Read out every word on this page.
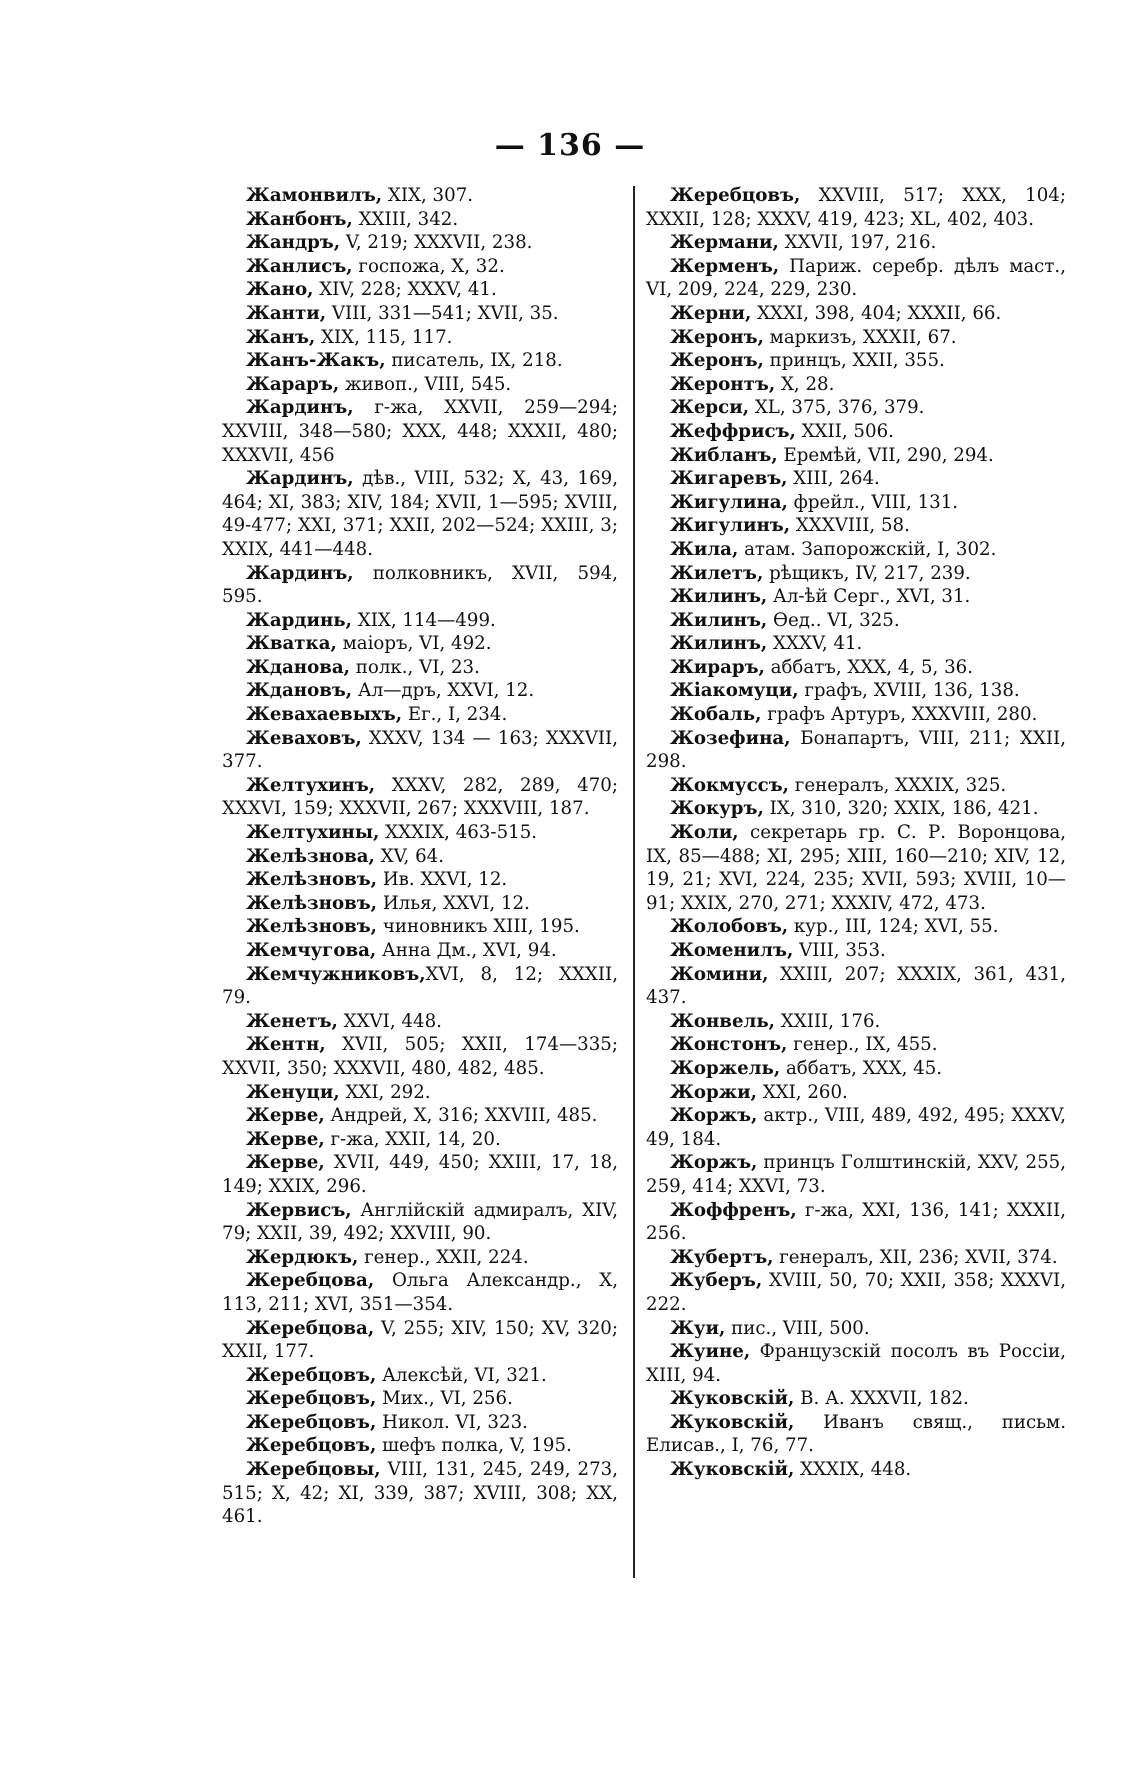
— 136 —

Жамонвилъ, XIX, 307.

Жанбонъ, XXIII, 342.

Жандръ, V, 219; XXXVII, 238.

Жанлисъ, госпожа, X, 32.

Жано, XIV, 228; XXXV, 41.

Жанти, VIII, 331—541; XVII, 35.

Жанъ, XIX, 115, 117.

Жанъ-Жакъ, писатель, IX, 218.

Жараръ, живоп., VIII, 545.

Жардинъ, г-жа, XXVII, 259—294; XXVIII, 348—580; XXX, 448; XXXII, 480; XXXVII, 456

Жардинъ, дѣв., VIII, 532; X, 43, 169, 464; XI, 383; XIV, 184; XVII, 1—595; XVIII, 49-477; XXI, 371; XXII, 202—524; XXIII, 3; XXIX, 441—448.

Жардинъ, полковникъ, XVII, 594, 595.

Жардинь, XIX, 114—499.

Жватка, маіоръ, VI, 492.

Жданова, полк., VI, 23.

Ждановъ, Ал—дръ, XXVI, 12.

Жевахаевыхъ, Ег., I, 234.

Жеваховъ, XXXV, 134 — 163; XXXVII, 377.

Желтухинъ, XXXV, 282, 289, 470; XXXVI, 159; XXXVII, 267; XXXVIII, 187.

Желтухины, XXXIX, 463-515.

Желѣзнова, XV, 64.

Желѣзновъ, Ив. XXVI, 12.

Желѣзновъ, Илья, XXVI, 12.

Желѣзновъ, чиновникъ XIII, 195.

Жемчугова, Анна Дм., XVI, 94.

Жемчужниковъ,XVI, 8, 12; XXXII, 79.

Женетъ, XXVI, 448.

Жентн, XVII, 505; XXII, 174—335; XXVII, 350; XXXVII, 480, 482, 485.

Женуци, XXI, 292.

Жерве, Андрей, X, 316; XXVIII, 485.

Жерве, г-жа, XXII, 14, 20.

Жерве, XVII, 449, 450; XXIII, 17, 18, 149; XXIX, 296.

Жервисъ, Англійскій адмиралъ, XIV, 79; XXII, 39, 492; XXVIII, 90.

Жердюкъ, генер., XXII, 224.

Жеребцова, Ольга Александр., X, 113, 211; XVI, 351—354.

Жеребцова, V, 255; XIV, 150; XV, 320; XXII, 177.

Жеребцовъ, Алексѣй, VI, 321.

Жеребцовъ, Мих., VI, 256.

Жеребцовъ, Никол. VI, 323.

Жеребцовъ, шефъ полка, V, 195.

Жеребцовы, VIII, 131, 245, 249, 273, 515; X, 42; XI, 339, 387; XVIII, 308; XX, 461.

Жеребцовъ, XXVIII, 517; XXX, 104; XXXII, 128; XXXV, 419, 423; XL, 402, 403.

Жермани, XXVII, 197, 216.

Жерменъ, Париж. серебр. дѣлъ маст., VI, 209, 224, 229, 230.

Жерни, XXXI, 398, 404; XXXII, 66.

Жеронъ, маркизъ, XXXII, 67.

Жеронъ, принцъ, XXII, 355.

Жеронтъ, X, 28.

Жерси, XL, 375, 376, 379.

Жеффрисъ, XXII, 506.

Жибланъ, Еремѣй, VII, 290, 294.

Жигаревъ, XIII, 264.

Жигулина, фрейл., VIII, 131.

Жигулинъ, XXXVIII, 58.

Жила, атам. Запорожскій, I, 302.

Жилетъ, рѣщикъ, IV, 217, 239.

Жилинъ, Ал-ѣй Серг., XVI, 31.

Жилинъ, Ѳед.. VI, 325.

Жилинъ, XXXV, 41.

Жираръ, аббатъ, XXX, 4, 5, 36.

Жіакомуци, графъ, XVIII, 136, 138.

Жобаль, графъ Артуръ, XXXVIII, 280.

Жозефина, Бонапартъ, VIII, 211; XXII, 298.

Жокмуссъ, генералъ, XXXIX, 325.

Жокуръ, IX, 310, 320; XXIX, 186, 421.

Жоли, секретарь гр. С. Р. Воронцова, IX, 85—488; XI, 295; XIII, 160—210; XIV, 12, 19, 21; XVI, 224, 235; XVII, 593; XVIII, 10—91; XXIX, 270, 271; XXXIV, 472, 473.

Жолобовъ, кур., III, 124; XVI, 55.

Жоменилъ, VIII, 353.

Жомини, XXIII, 207; XXXIX, 361, 431, 437.

Жонвель, XXIII, 176.

Жонстонъ, генер., IX, 455.

Жоржель, аббатъ, XXX, 45.

Жоржи, XXI, 260.

Жоржъ, актр., VIII, 489, 492, 495; XXXV, 49, 184.

Жоржъ, принцъ Голштинскій, XXV, 255, 259, 414; XXVI, 73.

Жоффренъ, г-жа, XXI, 136, 141; XXXII, 256.

Жубертъ, генералъ, XII, 236; XVII, 374.

Жуберъ, XVIII, 50, 70; XXII, 358; XXXVI, 222.

Жуи, пис., VIII, 500.

Жуине, Французскій посолъ въ Россіи, XIII, 94.

Жуковскій, В. А. XXXVII, 182.

Жуковскій, Иванъ свящ., письм. Елисав., I, 76, 77.

Жуковскій, XXXIX, 448.
